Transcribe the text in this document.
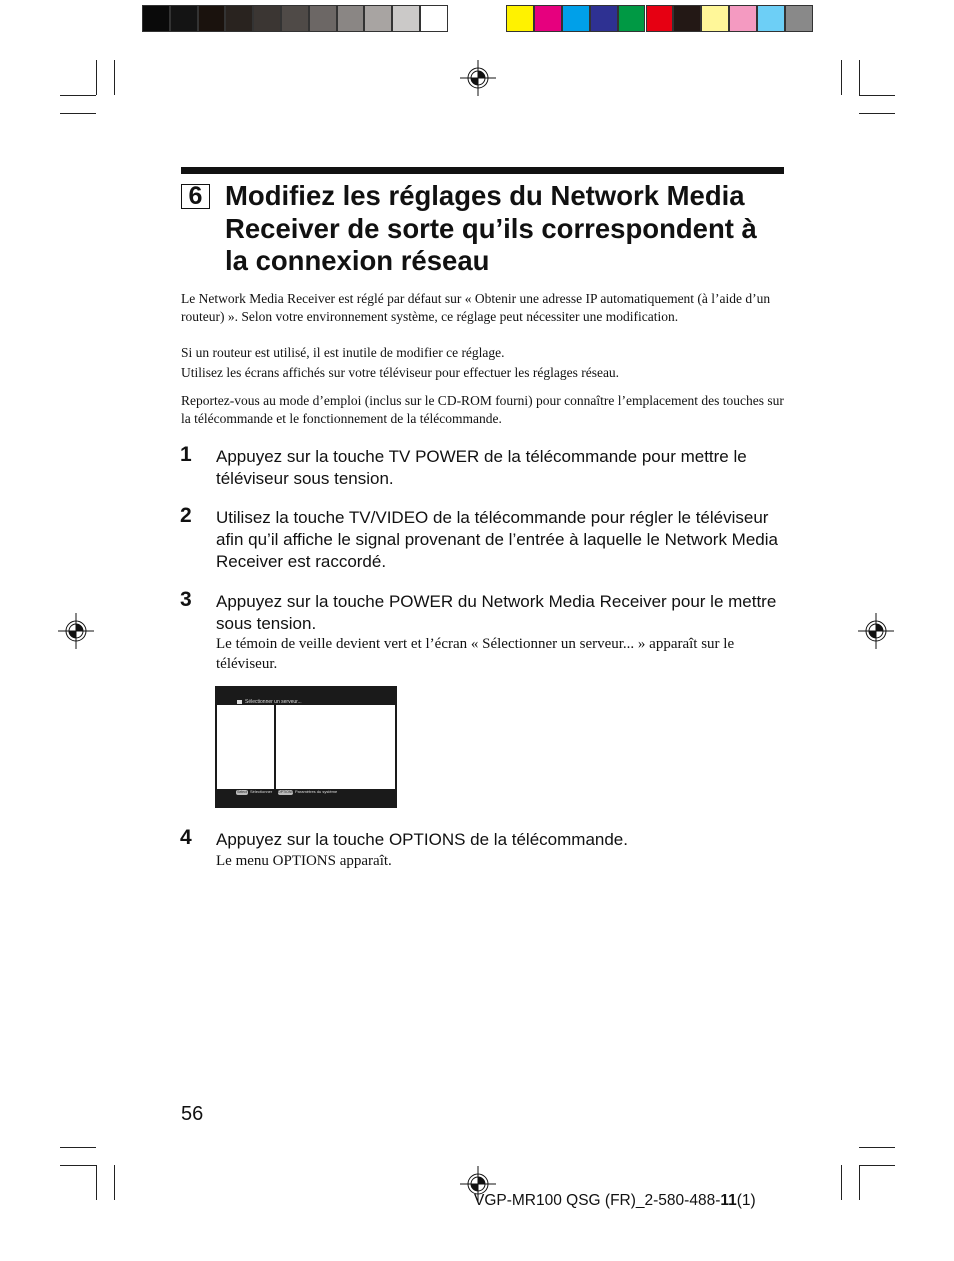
6 Modifiez les réglages du Network Media Receiver de sorte qu’ils correspondent à la connexion réseau

Le Network Media Receiver est réglé par défaut sur « Obtenir une adresse IP automatiquement (à l’aide d’un routeur) ». Selon votre environnement système, ce réglage peut nécessiter une modification.

Si un routeur est utilisé, il est inutile de modifier ce réglage.

Utilisez les écrans affichés sur votre téléviseur pour effectuer les réglages réseau.

Reportez-vous au mode d’emploi (inclus sur le CD-ROM fourni) pour connaître l’emplacement des touches sur la télécommande et le fonctionnement de la télécommande.

1 Appuyez sur la touche TV POWER de la télécommande pour mettre le téléviseur sous tension.

2 Utilisez la touche TV/VIDEO de la télécommande pour régler le téléviseur afin qu’il affiche le signal provenant de l’entrée à laquelle le Network Media Receiver est raccordé.

3 Appuyez sur la touche POWER du Network Media Receiver pour le mettre sous tension.

Le témoin de veille devient vert et l’écran « Sélectionner un serveur... » apparaît sur le téléviseur.

Sélectionner un serveur...
Select Sélectionner OPTIONS Paramètres du système
4 Appuyez sur la touche OPTIONS de la télécommande.

Le menu OPTIONS apparaît.

56
VGP-MR100 QSG (FR)_2-580-488-11(1)
